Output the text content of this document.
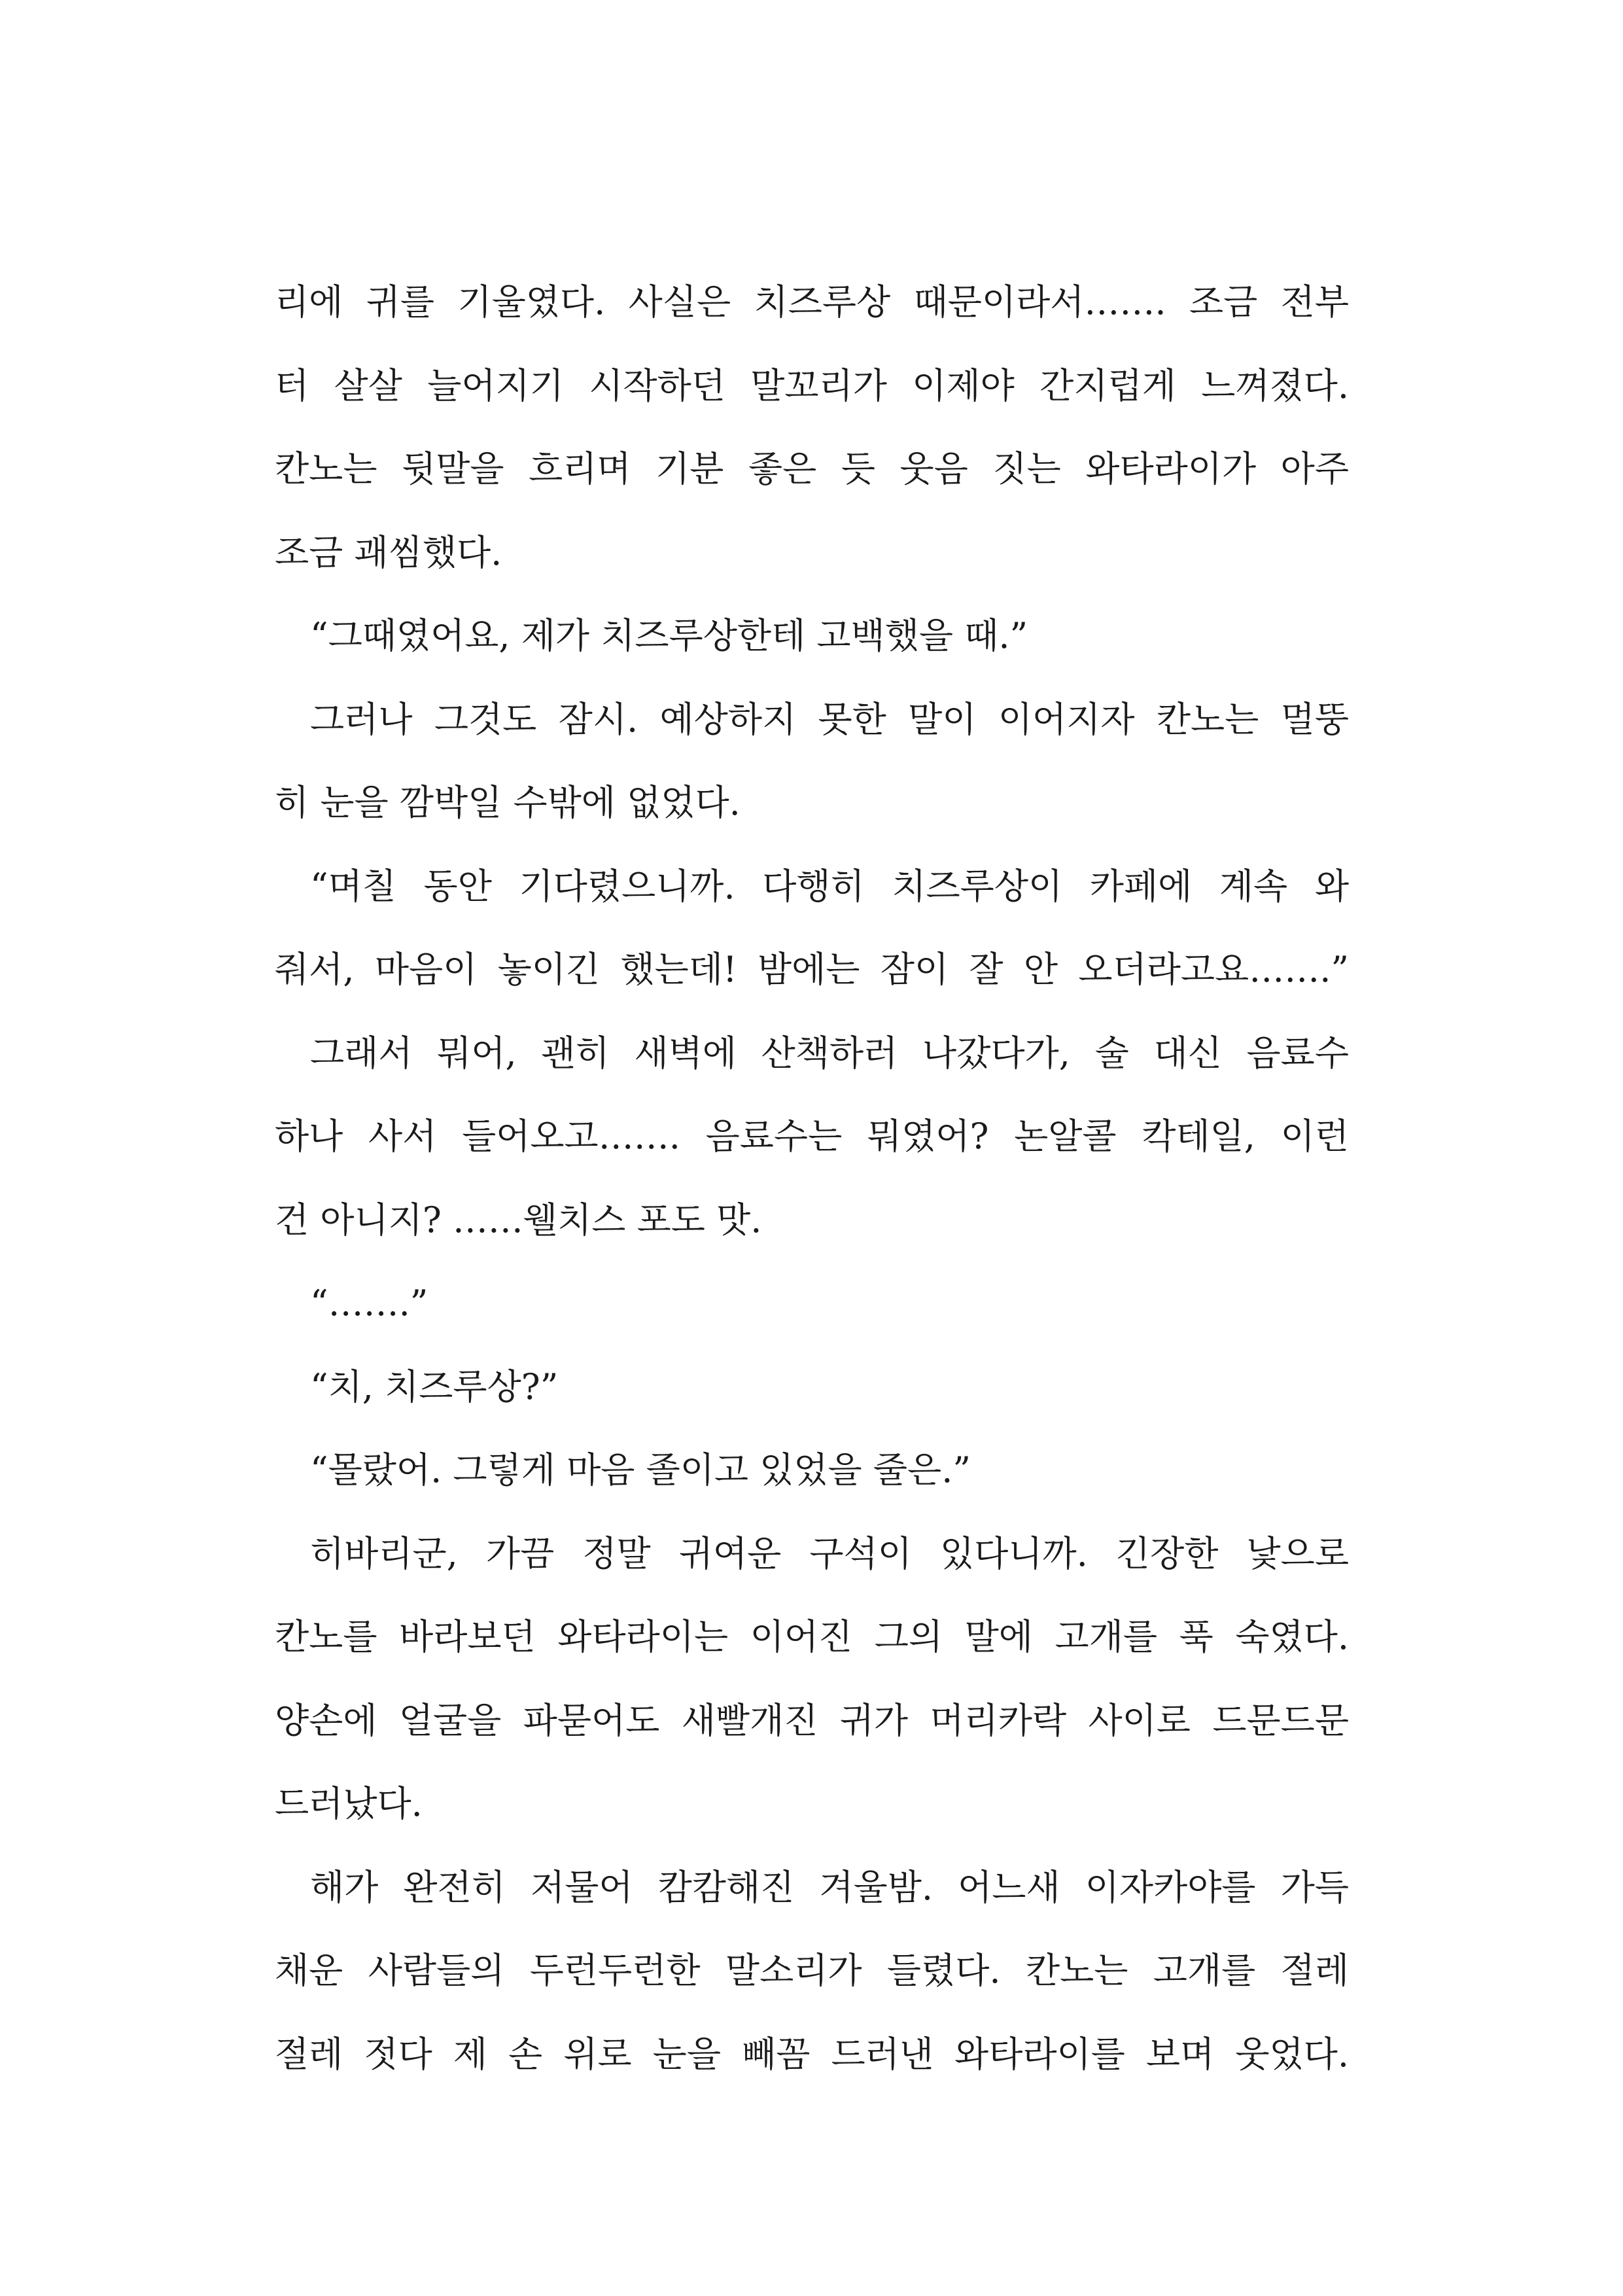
리에 귀를 기울였다. 사실은 치즈루상 때문이라서……. 조금 전부
터 살살 늘어지기 시작하던 말꼬리가 이제야 간지럽게 느껴졌다.
칸노는 뒷말을 흐리며 기분 좋은 듯 웃음 짓는 와타라이가 아주
조금 괘씸했다.
“그때였어요, 제가 치즈루상한테 고백했을 때.”
그러나 그것도 잠시. 예상하지 못한 말이 이어지자 칸노는 멀뚱
히 눈을 깜박일 수밖에 없었다.
“며칠 동안 기다렸으니까. 다행히 치즈루상이 카페에 계속 와
줘서, 마음이 놓이긴 했는데! 밤에는 잠이 잘 안 오더라고요…….”
그래서 뭐어, 괜히 새벽에 산책하러 나갔다가, 술 대신 음료수
하나 사서 들어오고……. 음료수는 뭐였어? 논알콜 칵테일, 이런
건 아니지? ……웰치스 포도 맛.
“…….”
“치, 치즈루상?”
“몰랐어. 그렇게 마음 졸이고 있었을 줄은.”
히바리군, 가끔 정말 귀여운 구석이 있다니까. 긴장한 낯으로
칸노를 바라보던 와타라이는 이어진 그의 말에 고개를 푹 숙였다.
양손에 얼굴을 파묻어도 새빨개진 귀가 머리카락 사이로 드문드문
드러났다.
해가 완전히 저물어 캄캄해진 겨울밤. 어느새 이자카야를 가득
채운 사람들의 두런두런한 말소리가 들렸다. 칸노는 고개를 절레
절레 젓다 제 손 위로 눈을 빼꼼 드러낸 와타라이를 보며 웃었다.
